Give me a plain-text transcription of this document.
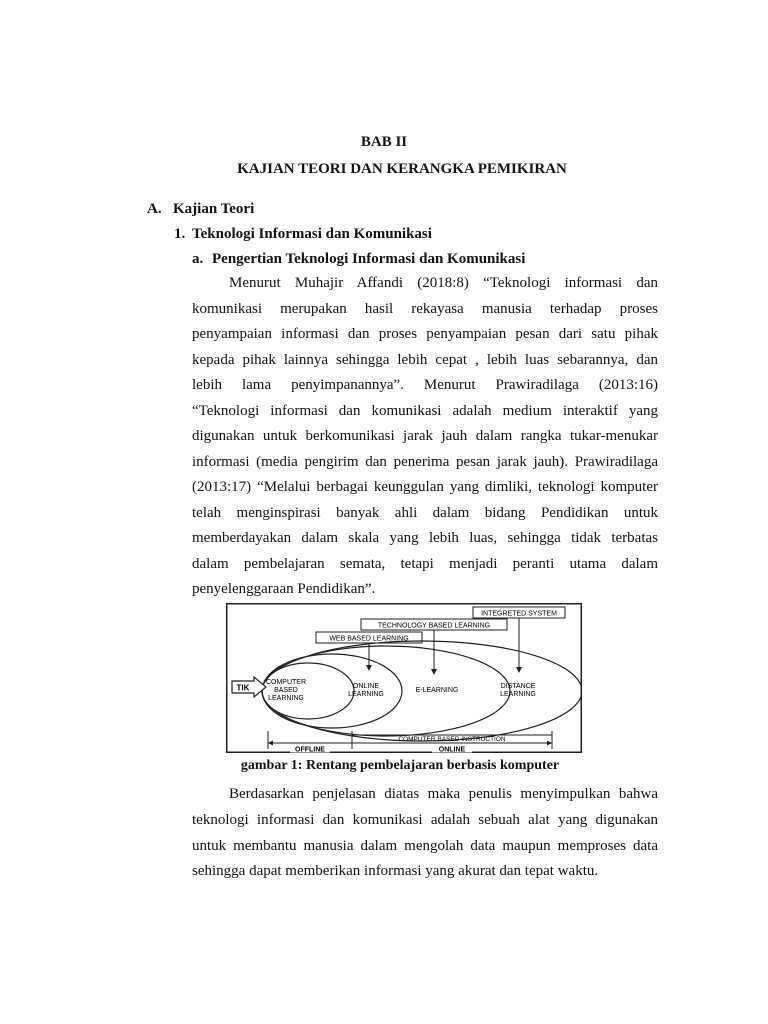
BAB II
KAJIAN TEORI DAN KERANGKA PEMIKIRAN
A. Kajian Teori
1. Teknologi Informasi dan Komunikasi
a. Pengertian Teknologi Informasi dan Komunikasi
Menurut Muhajir Affandi (2018:8) “Teknologi informasi dan
komunikasi merupakan hasil rekayasa manusia terhadap proses
penyampaian informasi dan proses penyampaian pesan dari satu pihak
kepada pihak lainnya sehingga lebih cepat , lebih luas sebarannya, dan
lebih lama penyimpanannya”. Menurut Prawiradilaga (2013:16)
“Teknologi informasi dan komunikasi adalah medium interaktif yang
digunakan untuk berkomunikasi jarak jauh dalam rangka tukar-menukar
informasi (media pengirim dan penerima pesan jarak jauh). Prawiradilaga
(2013:17) “Melalui berbagai keunggulan yang dimliki, teknologi komputer
telah menginspirasi banyak ahli dalam bidang Pendidikan untuk
memberdayakan dalam skala yang lebih luas, sehingga tidak terbatas
dalam pembelajaran semata, tetapi menjadi peranti utama dalam
penyelenggaraan Pendidikan”.
INTEGRETED SYSTEM
TECHNOLOGY BASED LEARNING
WEB BASED LEARNING
TIK
COMPUTER
BASED
LEARNING
ONLINE
LEARNING
E-LEARNING
DISTANCE
LEARNING
COMPUTER BASED INSTRUCTION
OFFLINE	ONLINE
gambar 1: Rentang pembelajaran berbasis komputer
Berdasarkan penjelasan diatas maka penulis menyimpulkan bahwa
teknologi informasi dan komunikasi adalah sebuah alat yang digunakan
untuk membantu manusia dalam mengolah data maupun memproses data
sehingga dapat memberikan informasi yang akurat dan tepat waktu.
